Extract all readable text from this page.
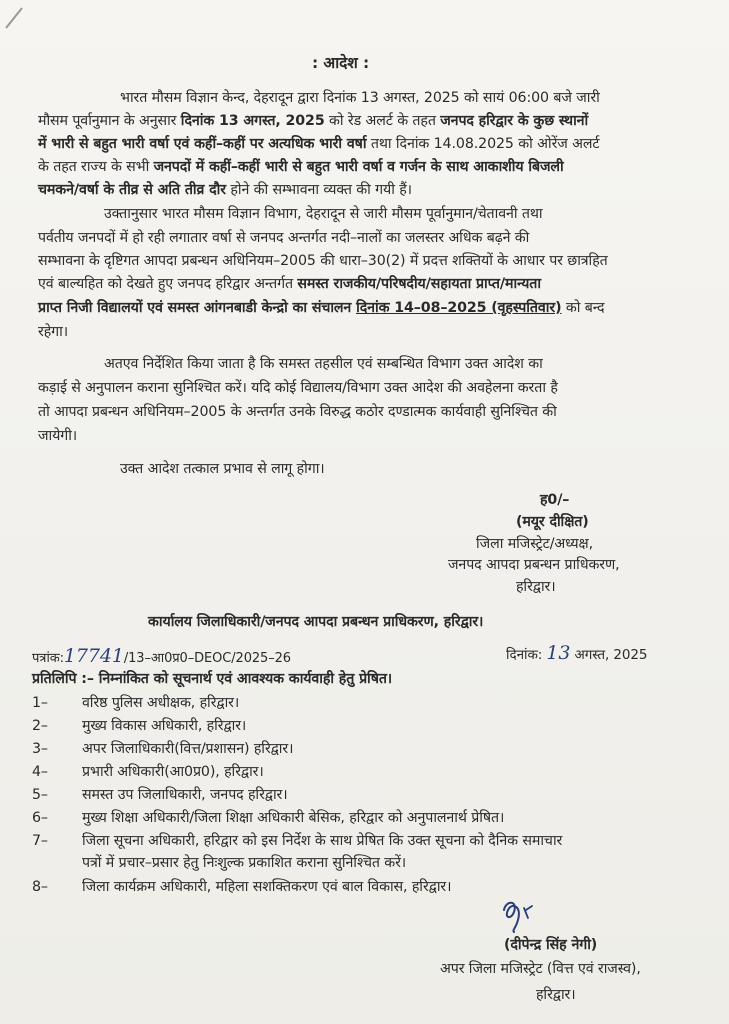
: आदेश :
भारत मौसम विज्ञान केन्द, देहरादून द्वारा दिनांक 13 अगस्त, 2025 को सायं 06:00 बजे जारी
मौसम पूर्वानुमान के अनुसार दिनांक 13 अगस्त, 2025 को रेड अलर्ट के तहत जनपद हरिद्वार के कुछ स्थानों
में भारी से बहुत भारी वर्षा एवं कहीं–कहीं पर अत्यधिक भारी वर्षा तथा दिनांक 14.08.2025 को ओरेंज अलर्ट
के तहत राज्य के सभी जनपदों में कहीं–कहीं भारी से बहुत भारी वर्षा व गर्जन के साथ आकाशीय बिजली
चमकने/वर्षा के तीव्र से अति तीव्र दौर होने की सम्भावना व्यक्त की गयी हैं।
उक्तानुसार भारत मौसम विज्ञान विभाग, देहरादून से जारी मौसम पूर्वानुमान/चेतावनी तथा
पर्वतीय जनपदों में हो रही लगातार वर्षा से जनपद अन्तर्गत नदी–नालों का जलस्तर अधिक बढ़ने की
सम्भावना के दृष्टिगत आपदा प्रबन्धन अधिनियम–2005 की धारा–30(2) में प्रदत्त शक्तियों के आधार पर छात्रहित
एवं बाल्यहित को देखते हुए जनपद हरिद्वार अन्तर्गत समस्त राजकीय/परिषदीय/सहायता प्राप्त/मान्यता
प्राप्त निजी विद्यालयों एवं समस्त आंगनबाडी केन्द्रो का संचालन दिनांक 14–08–2025 (वृहस्पतिवार) को बन्द
रहेगा।
अतएव निर्देशित किया जाता है कि समस्त तहसील एवं सम्बन्धित विभाग उक्त आदेश का
कड़ाई से अनुपालन कराना सुनिश्चित करें। यदि कोई विद्यालय/विभाग उक्त आदेश की अवहेलना करता है
तो आपदा प्रबन्धन अधिनियम–2005 के अन्तर्गत उनके विरुद्ध कठोर दण्डात्मक कार्यवाही सुनिश्चित की
जायेगी।
उक्त आदेश तत्काल प्रभाव से लागू होगा।
ह0/–
(मयूर दीक्षित)
जिला मजिस्ट्रेट/अध्यक्ष,
जनपद आपदा प्रबन्धन प्राधिकरण,
हरिद्वार।
कार्यालय जिलाधिकारी/जनपद आपदा प्रबन्धन प्राधिकरण, हरिद्वार।
पत्रांक:17741/13–आ0प्र0–DEOC/2025–26	दिनांक: 13 अगस्त, 2025
प्रतिलिपि :– निम्नांकित को सूचनार्थ एवं आवश्यक कार्यवाही हेतु प्रेषित।
1–	वरिष्ठ पुलिस अधीक्षक, हरिद्वार।
2–	मुख्य विकास अधिकारी, हरिद्वार।
3–	अपर जिलाधिकारी(वित्त/प्रशासन) हरिद्वार।
4–	प्रभारी अधिकारी(आ0प्र0), हरिद्वार।
5–	समस्त उप जिलाधिकारी, जनपद हरिद्वार।
6–	मुख्य शिक्षा अधिकारी/जिला शिक्षा अधिकारी बेसिक, हरिद्वार को अनुपालनार्थ प्रेषित।
7–	जिला सूचना अधिकारी, हरिद्वार को इस निर्देश के साथ प्रेषित कि उक्त सूचना को दैनिक समाचार
पत्रों में प्रचार–प्रसार हेतु निःशुल्क प्रकाशित कराना सुनिश्चित करें।
8–	जिला कार्यक्रम अधिकारी, महिला सशक्तिकरण एवं बाल विकास, हरिद्वार।
(दीपेन्द्र सिंह नेगी)
अपर जिला मजिस्ट्रेट (वित्त एवं राजस्व),
हरिद्वार।
